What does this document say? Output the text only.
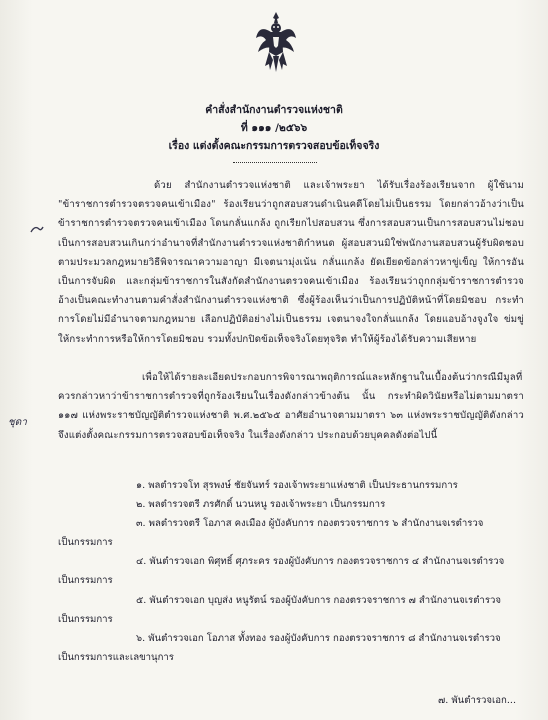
คำสั่งสำนักงานตำรวจแห่งชาติ
ที่ ๑๑๑ /๒๕๖๖
เรื่อง แต่งตั้งคณะกรรมการตรวจสอบข้อเท็จจริง
ด้วย สำนักงานตำรวจแห่งชาติ และเจ้าพระยา ได้รับเรื่องร้องเรียนจาก ผู้ใช้นาม "ข้าราชการตำรวจตรวจคนเข้าเมือง" ร้องเรียนว่าถูกสอบสวนดำเนินคดีโดยไม่เป็นธรรม โดยกล่าวอ้างว่าเป็นข้าราชการตำรวจตรวจคนเข้าเมือง โดนกลั่นแกล้ง ถูกเรียกไปสอบสวน ซึ่งการสอบสวนเป็นการสอบสวนไม่ชอบ เป็นการสอบสวนเกินกว่าอำนาจที่สำนักงานตำรวจแห่งชาติกำหนด ผู้สอบสวนมิใช่พนักงานสอบสวนผู้รับผิดชอบตามประมวลกฎหมายวิธีพิจารณาความอาญา มีเจตนามุ่งเน้น กลั่นแกล้ง ยัดเยียดข้อกล่าวหาขู่เข็ญ ให้การอันเป็นการจับผิด และกลุ่มข้าราชการในสังกัดสำนักงานตรวจคนเข้าเมือง ร้องเรียนว่าถูกกลุ่มข้าราชการตำรวจอ้างเป็นคณะทำงานตามคำสั่งสำนักงานตำรวจแห่งชาติ ซึ่งผู้ร้องเห็นว่าเป็นการปฏิบัติหน้าที่โดยมิชอบ กระทำการโดยไม่มีอำนาจตามกฎหมาย เลือกปฏิบัติอย่างไม่เป็นธรรม เจตนาจงใจกลั่นแกล้ง โดยแอบอ้างจูงใจ ข่มขู่ ให้กระทำการหรือให้การโดยมิชอบ รวมทั้งปกปิดข้อเท็จจริงโดยทุจริต ทำให้ผู้ร้องได้รับความเสียหาย
ชุดา
เพื่อให้ได้รายละเอียดประกอบการพิจารณาพฤติการณ์และหลักฐานในเบื้องต้นว่ากรณีมีมูลที่ควรกล่าวหาว่าข้าราชการตำรวจที่ถูกร้องเรียนในเรื่องดังกล่าวข้างต้น นั้น กระทำผิดวินัยหรือไม่ตามมาตรา ๑๑๗ แห่งพระราชบัญญัติตำรวจแห่งชาติ พ.ศ.๒๕๖๕ อาศัยอำนาจตามมาตรา ๖๓ แห่งพระราชบัญญัติดังกล่าว จึงแต่งตั้งคณะกรรมการตรวจสอบข้อเท็จจริง ในเรื่องดังกล่าว ประกอบด้วยบุคคลดังต่อไปนี้
๑. พลตำรวจโท สุรพงษ์ ชัยจันทร์ รองเจ้าพระยาแห่งชาติ เป็นประธานกรรมการ
๒. พลตำรวจตรี ภรศักดิ์ นวนหนู รองเจ้าพระยา เป็นกรรมการ
๓. พลตำรวจตรี โอภาส คงเมือง ผู้บังคับการ กองตรวจราชการ ๖ สำนักงานจเรตำรวจ
เป็นกรรมการ
๔. พันตำรวจเอก พิศุทธิ์ ศุภระคร รองผู้บังคับการ กองตรวจราชการ ๔ สำนักงานจเรตำรวจ
เป็นกรรมการ
๕. พันตำรวจเอก บุญส่ง หนูรัตน์ รองผู้บังคับการ กองตรวจราชการ ๗ สำนักงานจเรตำรวจ
เป็นกรรมการ
๖. พันตำรวจเอก โอภาส ทั้งทอง รองผู้บังคับการ กองตรวจราชการ ๘ สำนักงานจเรตำรวจ
เป็นกรรมการและเลขานุการ
๗. พันตำรวจเอก...
